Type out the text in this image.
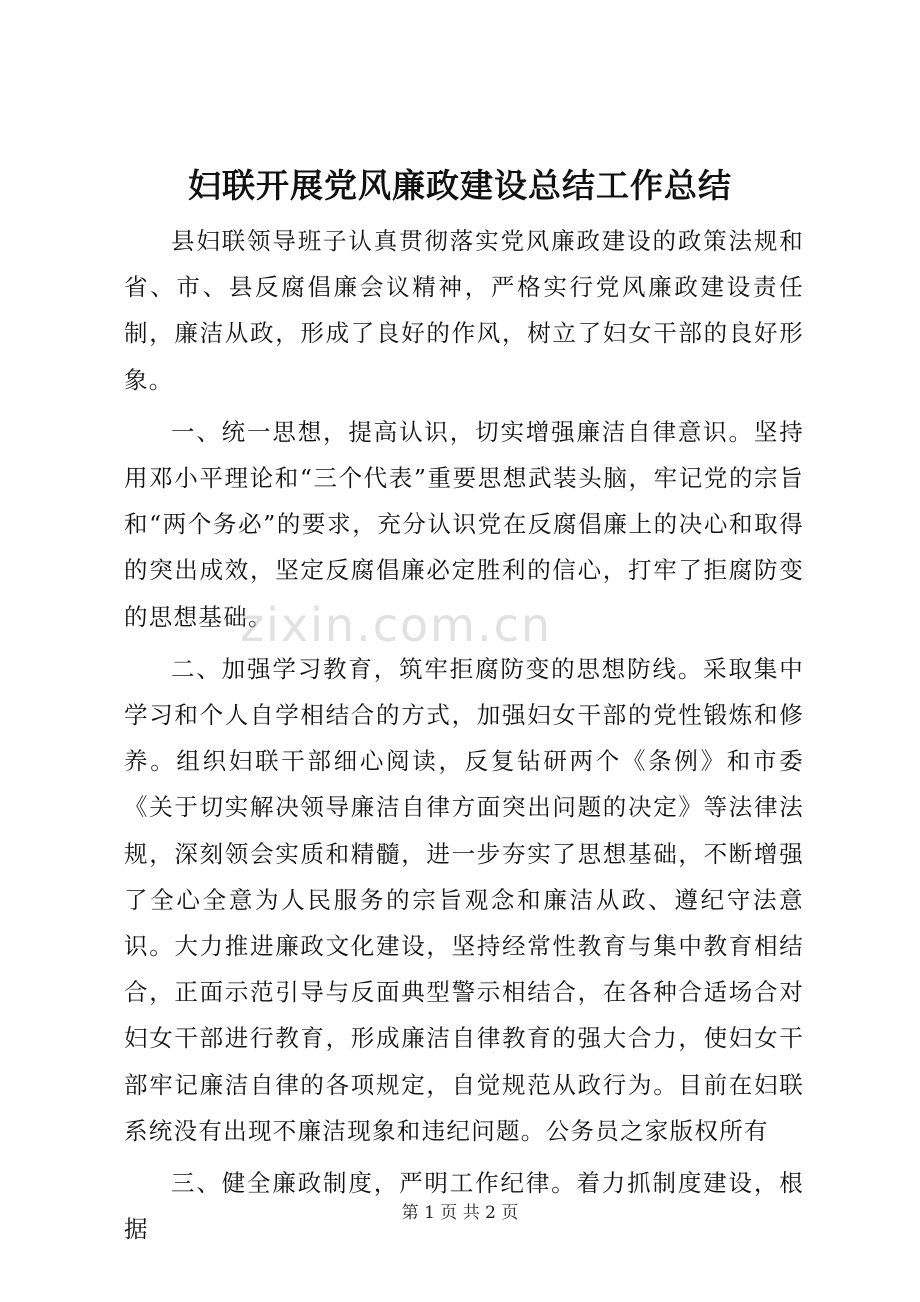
妇联开展党风廉政建设总结工作总结

县妇联领导班子认真贯彻落实党风廉政建设的政策法规和省、市、县反腐倡廉会议精神，严格实行党风廉政建设责任制，廉洁从政，形成了良好的作风，树立了妇女干部的良好形象。

一、统一思想，提高认识，切实增强廉洁自律意识。坚持用邓小平理论和“三个代表”重要思想武装头脑，牢记党的宗旨和“两个务必”的要求，充分认识党在反腐倡廉上的决心和取得的突出成效，坚定反腐倡廉必定胜利的信心，打牢了拒腐防变的思想基础。

二、加强学习教育，筑牢拒腐防变的思想防线。采取集中学习和个人自学相结合的方式，加强妇女干部的党性锻炼和修养。组织妇联干部细心阅读，反复钻研两个《条例》和市委《关于切实解决领导廉洁自律方面突出问题的决定》等法律法规，深刻领会实质和精髓，进一步夯实了思想基础，不断增强了全心全意为人民服务的宗旨观念和廉洁从政、遵纪守法意识。大力推进廉政文化建设，坚持经常性教育与集中教育相结合，正面示范引导与反面典型警示相结合，在各种合适场合对妇女干部进行教育，形成廉洁自律教育的强大合力，使妇女干部牢记廉洁自律的各项规定，自觉规范从政行为。目前在妇联系统没有出现不廉洁现象和违纪问题。公务员之家版权所有

三、健全廉政制度，严明工作纪律。着力抓制度建设，根据

zixin.com.cn
第 1 页 共 2 页
